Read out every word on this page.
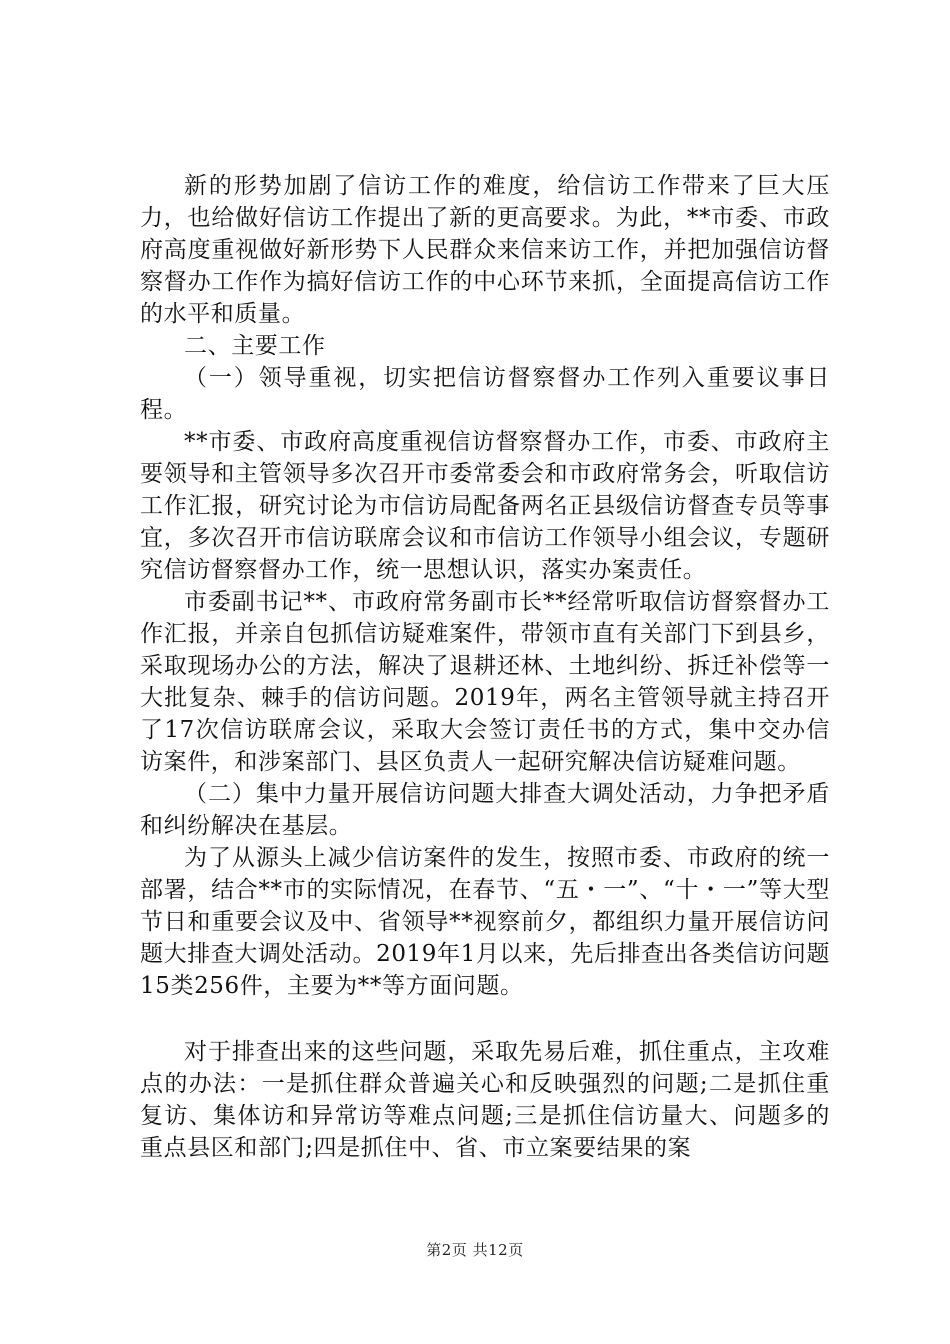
新的形势加剧了信访工作的难度，给信访工作带来了巨大压力，也给做好信访工作提出了新的更高要求。为此，**市委、市政府高度重视做好新形势下人民群众来信来访工作，并把加强信访督察督办工作作为搞好信访工作的中心环节来抓，全面提高信访工作的水平和质量。

二、主要工作

（一）领导重视，切实把信访督察督办工作列入重要议事日程。

**市委、市政府高度重视信访督察督办工作，市委、市政府主要领导和主管领导多次召开市委常委会和市政府常务会，听取信访工作汇报，研究讨论为市信访局配备两名正县级信访督查专员等事宜，多次召开市信访联席会议和市信访工作领导小组会议，专题研究信访督察督办工作，统一思想认识，落实办案责任。

市委副书记**、市政府常务副市长**经常听取信访督察督办工作汇报，并亲自包抓信访疑难案件，带领市直有关部门下到县乡，采取现场办公的方法，解决了退耕还林、土地纠纷、拆迁补偿等一大批复杂、棘手的信访问题。2019年，两名主管领导就主持召开了17次信访联席会议，采取大会签订责任书的方式，集中交办信访案件，和涉案部门、县区负责人一起研究解决信访疑难问题。

（二）集中力量开展信访问题大排查大调处活动，力争把矛盾和纠纷解决在基层。

为了从源头上减少信访案件的发生，按照市委、市政府的统一部署，结合**市的实际情况，在春节、“五・一”、“十・一”等大型节日和重要会议及中、省领导**视察前夕，都组织力量开展信访问题大排查大调处活动。2019年1月以来，先后排查出各类信访问题15类256件，主要为**等方面问题。

对于排查出来的这些问题，采取先易后难，抓住重点，主攻难点的办法：一是抓住群众普遍关心和反映强烈的问题;二是抓住重复访、集体访和异常访等难点问题;三是抓住信访量大、问题多的重点县区和部门;四是抓住中、省、市立案要结果的案

第2页 共12页
